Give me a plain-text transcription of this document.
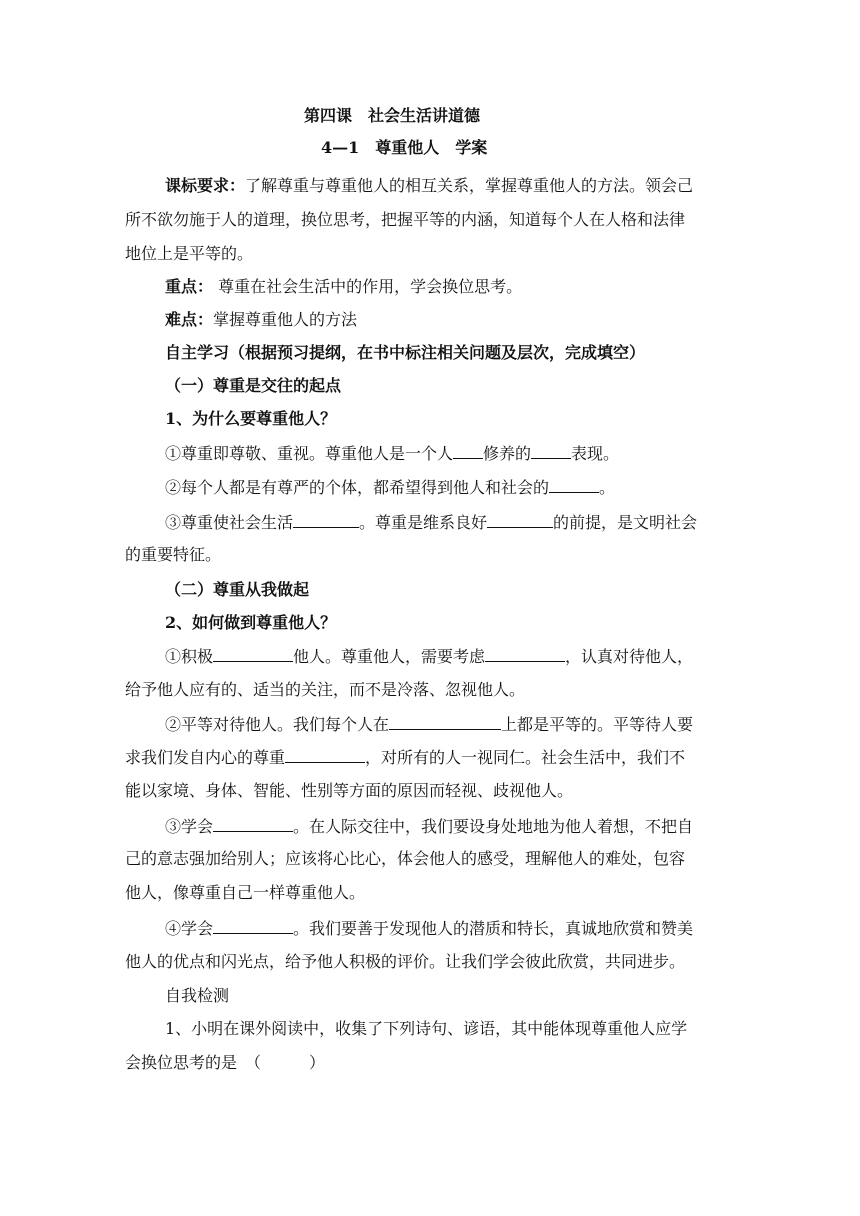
第四课　社会生活讲道德
4—1　尊重他人　学案
课标要求：了解尊重与尊重他人的相互关系，掌握尊重他人的方法。领会己
所不欲勿施于人的道理，换位思考，把握平等的内涵，知道每个人在人格和法律
地位上是平等的。
重点： 尊重在社会生活中的作用，学会换位思考。
难点：掌握尊重他人的方法
自主学习（根据预习提纲，在书中标注相关问题及层次，完成填空）
（一）尊重是交往的起点
1、为什么要尊重他人？
①尊重即尊敬、重视。尊重他人是一个人 修养的	表现。
②每个人都是有尊严的个体，都希望得到他人和社会的	。
③尊重使社会生活	。尊重是维系良好	的前提，是文明社会
的重要特征。
（二）尊重从我做起
2、如何做到尊重他人？
①积极	他人。尊重他人，需要考虑	，认真对待他人，
给予他人应有的、适当的关注，而不是冷落、忽视他人。
②平等对待他人。我们每个人在	上都是平等的。平等待人要
求我们发自内心的尊重	，对所有的人一视同仁。社会生活中，我们不
能以家境、身体、智能、性别等方面的原因而轻视、歧视他人。
③学会	。在人际交往中，我们要设身处地地为他人着想，不把自
己的意志强加给别人；应该将心比心，体会他人的感受，理解他人的难处，包容
他人，像尊重自己一样尊重他人。
④学会	。我们要善于发现他人的潜质和特长，真诚地欣赏和赞美
他人的优点和闪光点，给予他人积极的评价。让我们学会彼此欣赏，共同进步。
自我检测
1、小明在课外阅读中，收集了下列诗句、谚语，其中能体现尊重他人应学
会换位思考的是　（　　　）
